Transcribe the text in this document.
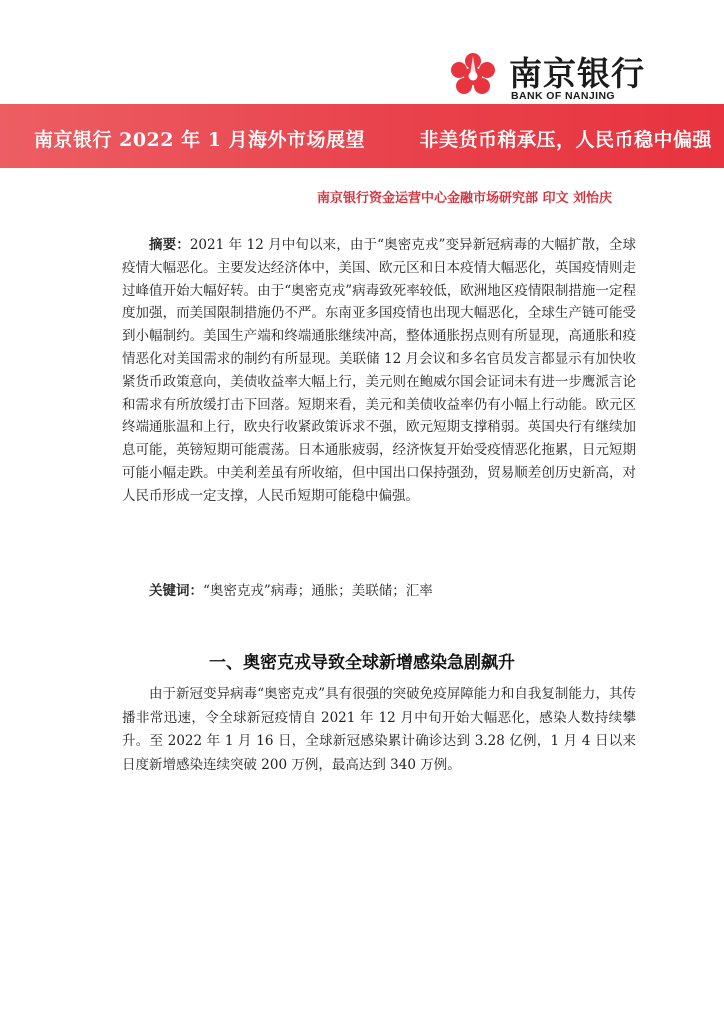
南京银行
BANK OF NANJING
南京银行 2022 年 1 月海外市场展望	非美货币稍承压，人民币稳中偏强
南京银行资金运营中心金融市场研究部 印文 刘怡庆

摘要：2021 年 12 月中旬以来，由于“奥密克戎”变异新冠病毒的大幅扩散，全球疫情大幅恶化。主要发达经济体中，美国、欧元区和日本疫情大幅恶化，英国疫情则走过峰值开始大幅好转。由于“奥密克戎”病毒致死率较低，欧洲地区疫情限制措施一定程度加强，而美国限制措施仍不严。东南亚多国疫情也出现大幅恶化，全球生产链可能受到小幅制约。美国生产端和终端通胀继续冲高，整体通胀拐点则有所显现，高通胀和疫情恶化对美国需求的制约有所显现。美联储 12 月会议和多名官员发言都显示有加快收紧货币政策意向，美债收益率大幅上行，美元则在鲍威尔国会证词未有进一步鹰派言论和需求有所放缓打击下回落。短期来看，美元和美债收益率仍有小幅上行动能。欧元区终端通胀温和上行，欧央行收紧政策诉求不强，欧元短期支撑稍弱。英国央行有继续加息可能，英镑短期可能震荡。日本通胀疲弱，经济恢复开始受疫情恶化拖累，日元短期可能小幅走跌。中美利差虽有所收缩，但中国出口保持强劲，贸易顺差创历史新高，对人民币形成一定支撑，人民币短期可能稳中偏强。

关键词：“奥密克戎”病毒；通胀；美联储；汇率

一、奥密克戎导致全球新增感染急剧飙升

由于新冠变异病毒“奥密克戎”具有很强的突破免疫屏障能力和自我复制能力，其传播非常迅速，令全球新冠疫情自 2021 年 12 月中旬开始大幅恶化，感染人数持续攀升。至 2022 年 1 月 16 日，全球新冠感染累计确诊达到 3.28 亿例，1 月 4 日以来日度新增感染连续突破 200 万例，最高达到 340 万例。
